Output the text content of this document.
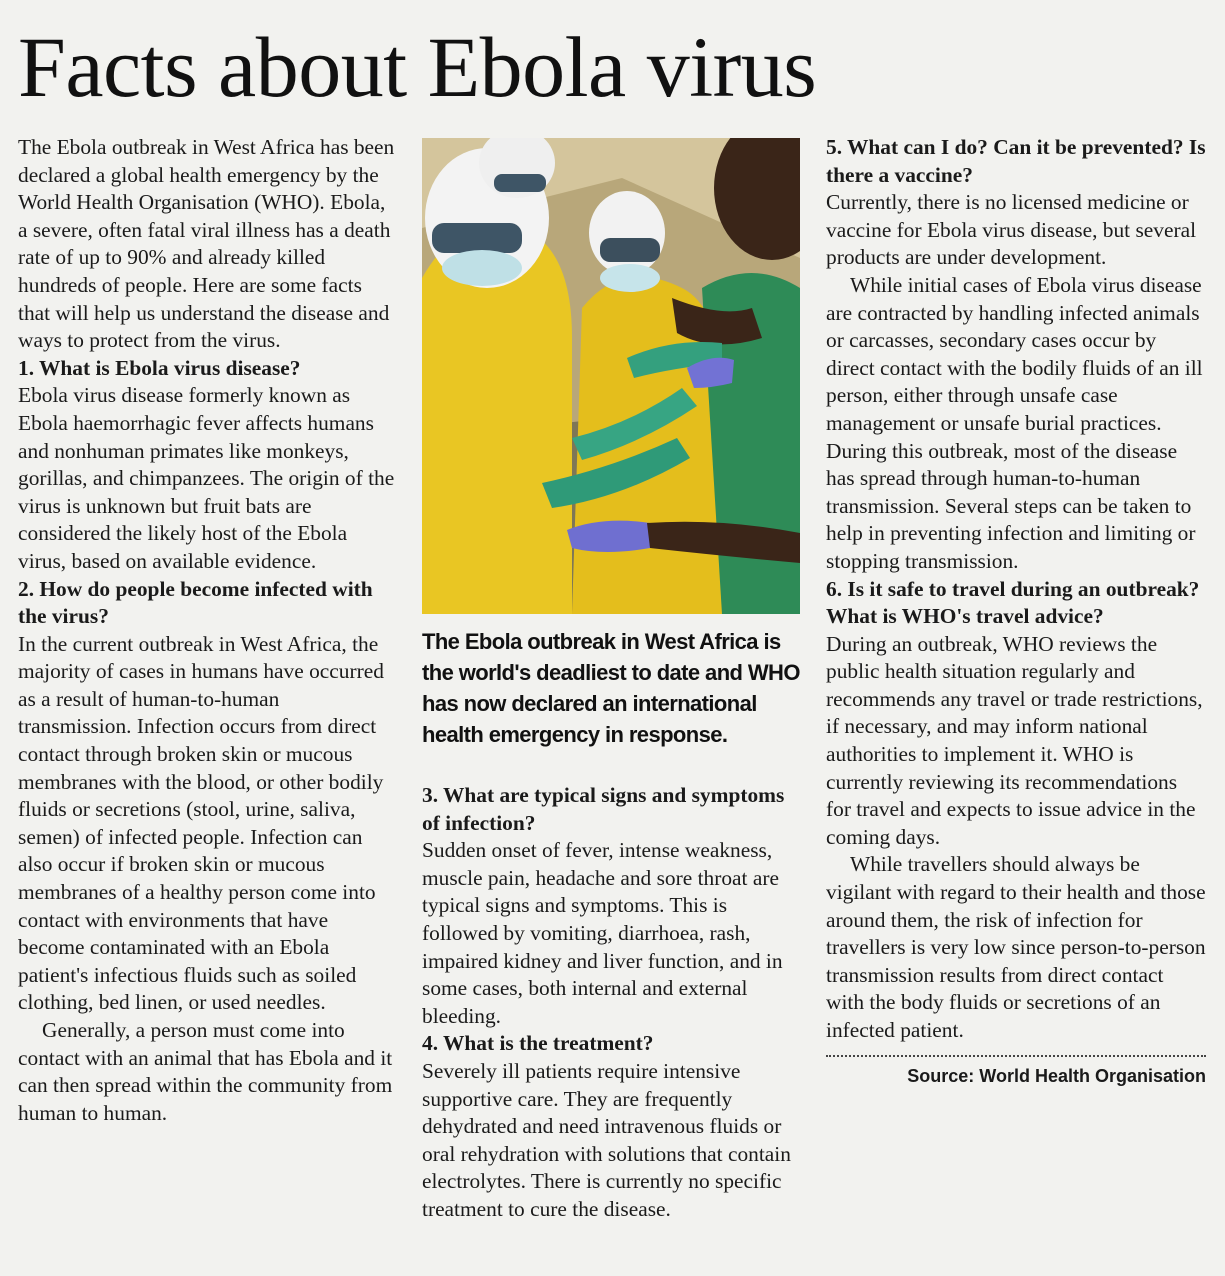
Facts about Ebola virus

The Ebola outbreak in West Africa has been declared a global health emergency by the World Health Organisation (WHO). Ebola, a severe, often fatal viral illness has a death rate of up to 90% and already killed hundreds of people. Here are some facts that will help us understand the disease and ways to protect from the virus.

1. What is Ebola virus disease?

Ebola virus disease formerly known as Ebola haemorrhagic fever affects humans and nonhuman primates like monkeys, gorillas, and chimpanzees. The origin of the virus is unknown but fruit bats are considered the likely host of the Ebola virus, based on available evidence.

2. How do people become infected with the virus?

In the current outbreak in West Africa, the majority of cases in humans have occurred as a result of human-to-human transmission. Infection occurs from direct contact through broken skin or mucous membranes with the blood, or other bodily fluids or secretions (stool, urine, saliva, semen) of infected people. Infection can also occur if broken skin or mucous membranes of a healthy person come into contact with environments that have become contaminated with an Ebola patient's infectious fluids such as soiled clothing, bed linen, or used needles.

Generally, a person must come into contact with an animal that has Ebola and it can then spread within the community from human to human.

The Ebola outbreak in West Africa is the world's deadliest to date and WHO has now declared an international health emergency in response.

3. What are typical signs and symptoms of infection?

Sudden onset of fever, intense weakness, muscle pain, headache and sore throat are typical signs and symptoms. This is followed by vomiting, diarrhoea, rash, impaired kidney and liver function, and in some cases, both internal and external bleeding.

4. What is the treatment?

Severely ill patients require intensive supportive care. They are frequently dehydrated and need intravenous fluids or oral rehydration with solutions that contain electrolytes. There is currently no specific treatment to cure the disease.

5. What can I do? Can it be prevented? Is there a vaccine?

Currently, there is no licensed medicine or vaccine for Ebola virus disease, but several products are under development.

While initial cases of Ebola virus disease are contracted by handling infected animals or carcasses, secondary cases occur by direct contact with the bodily fluids of an ill person, either through unsafe case management or unsafe burial practices. During this outbreak, most of the disease has spread through human-to-human transmission. Several steps can be taken to help in preventing infection and limiting or stopping transmission.

6. Is it safe to travel during an outbreak? What is WHO's travel advice?

During an outbreak, WHO reviews the public health situation regularly and recommends any travel or trade restrictions, if necessary, and may inform national authorities to implement it. WHO is currently reviewing its recommendations for travel and expects to issue advice in the coming days.

While travellers should always be vigilant with regard to their health and those around them, the risk of infection for travellers is very low since person-to-person transmission results from direct contact with the body fluids or secretions of an infected patient.

Source: World Health Organisation
